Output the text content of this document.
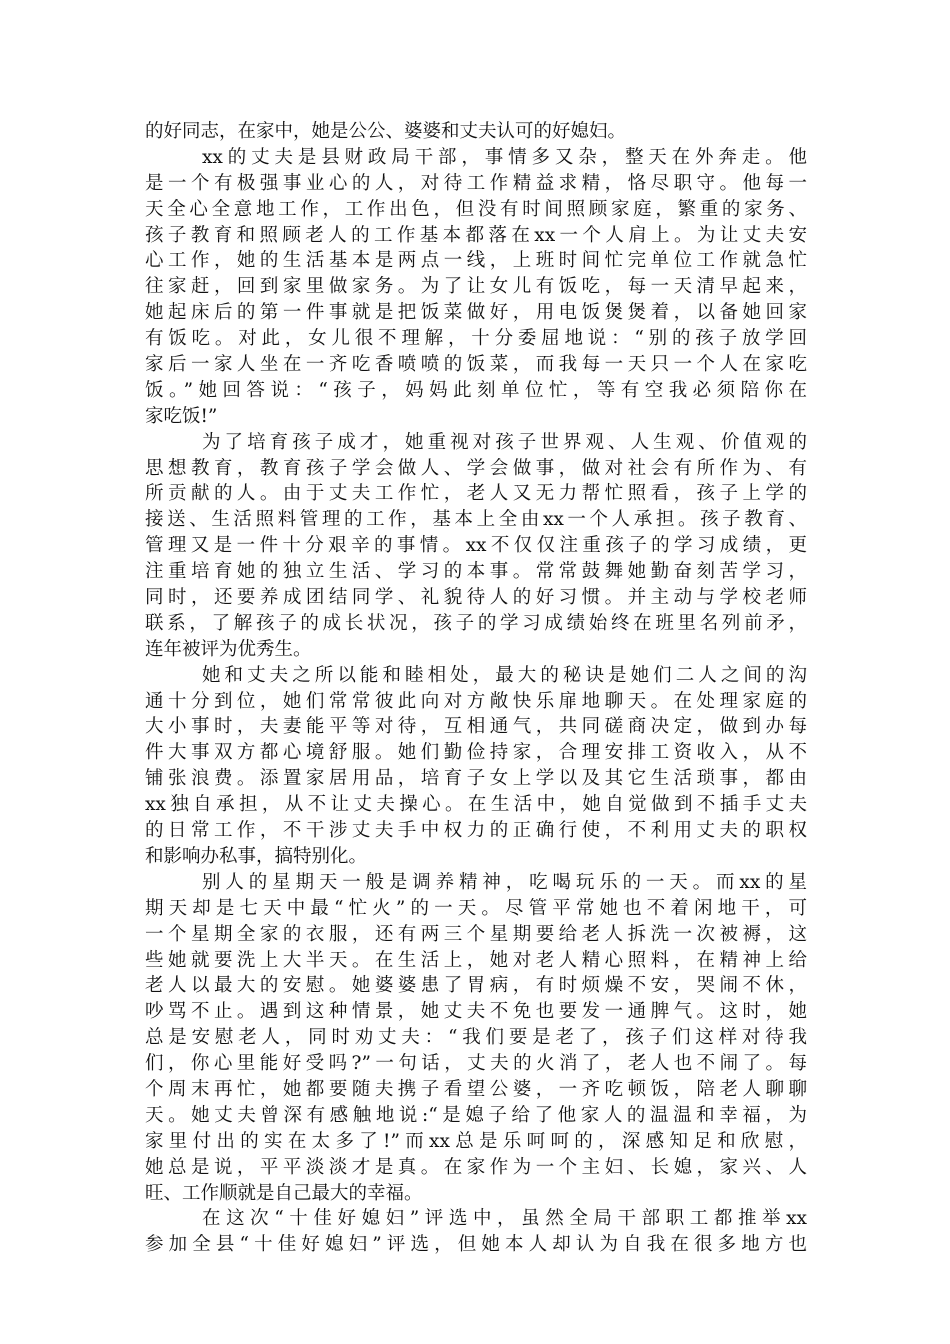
的好同志，在家中，她是公公、婆婆和丈夫认可的好媳妇。
xx的丈夫是县财政局干部，事情多又杂，整天在外奔走。他
是一个有极强事业心的人，对待工作精益求精，恪尽职守。他每一
天全心全意地工作，工作出色，但没有时间照顾家庭，繁重的家务、
孩子教育和照顾老人的工作基本都落在xx一个人肩上。为让丈夫安
心工作，她的生活基本是两点一线，上班时间忙完单位工作就急忙
往家赶，回到家里做家务。为了让女儿有饭吃，每一天清早起来，
她起床后的第一件事就是把饭菜做好，用电饭煲煲着，以备她回家
有饭吃。对此，女儿很不理解，十分委屈地说：“别的孩子放学回
家后一家人坐在一齐吃香喷喷的饭菜，而我每一天只一个人在家吃
饭。”她回答说：“孩子，妈妈此刻单位忙，等有空我必须陪你在
家吃饭!”
为了培育孩子成才，她重视对孩子世界观、人生观、价值观的
思想教育，教育孩子学会做人、学会做事，做对社会有所作为、有
所贡献的人。由于丈夫工作忙，老人又无力帮忙照看，孩子上学的
接送、生活照料管理的工作，基本上全由xx一个人承担。孩子教育、
管理又是一件十分艰辛的事情。xx不仅仅注重孩子的学习成绩，更
注重培育她的独立生活、学习的本事。常常鼓舞她勤奋刻苦学习，
同时，还要养成团结同学、礼貌待人的好习惯。并主动与学校老师
联系，了解孩子的成长状况，孩子的学习成绩始终在班里名列前矛，
连年被评为优秀生。
她和丈夫之所以能和睦相处，最大的秘诀是她们二人之间的沟
通十分到位，她们常常彼此向对方敞快乐扉地聊天。在处理家庭的
大小事时，夫妻能平等对待，互相通气，共同磋商决定，做到办每
件大事双方都心境舒服。她们勤俭持家，合理安排工资收入，从不
铺张浪费。添置家居用品，培育子女上学以及其它生活琐事，都由
xx独自承担，从不让丈夫操心。在生活中，她自觉做到不插手丈夫
的日常工作，不干涉丈夫手中权力的正确行使，不利用丈夫的职权
和影响办私事，搞特别化。
别人的星期天一般是调养精神，吃喝玩乐的一天。而xx的星
期天却是七天中最“忙火”的一天。尽管平常她也不着闲地干，可
一个星期全家的衣服，还有两三个星期要给老人拆洗一次被褥，这
些她就要洗上大半天。在生活上，她对老人精心照料，在精神上给
老人以最大的安慰。她婆婆患了胃病，有时烦燥不安，哭闹不休，
吵骂不止。遇到这种情景，她丈夫不免也要发一通脾气。这时，她
总是安慰老人，同时劝丈夫：“我们要是老了，孩子们这样对待我
们，你心里能好受吗?”一句话，丈夫的火消了，老人也不闹了。每
个周末再忙，她都要随夫携子看望公婆，一齐吃顿饭，陪老人聊聊
天。她丈夫曾深有感触地说:“是媳子给了他家人的温温和幸福，为
家里付出的实在太多了!”而xx总是乐呵呵的，深感知足和欣慰，
她总是说，平平淡淡才是真。在家作为一个主妇、长媳，家兴、人
旺、工作顺就是自己最大的幸福。
在这次“十佳好媳妇”评选中，虽然全局干部职工都推举xx
参加全县“十佳好媳妇”评选，但她本人却认为自我在很多地方也
